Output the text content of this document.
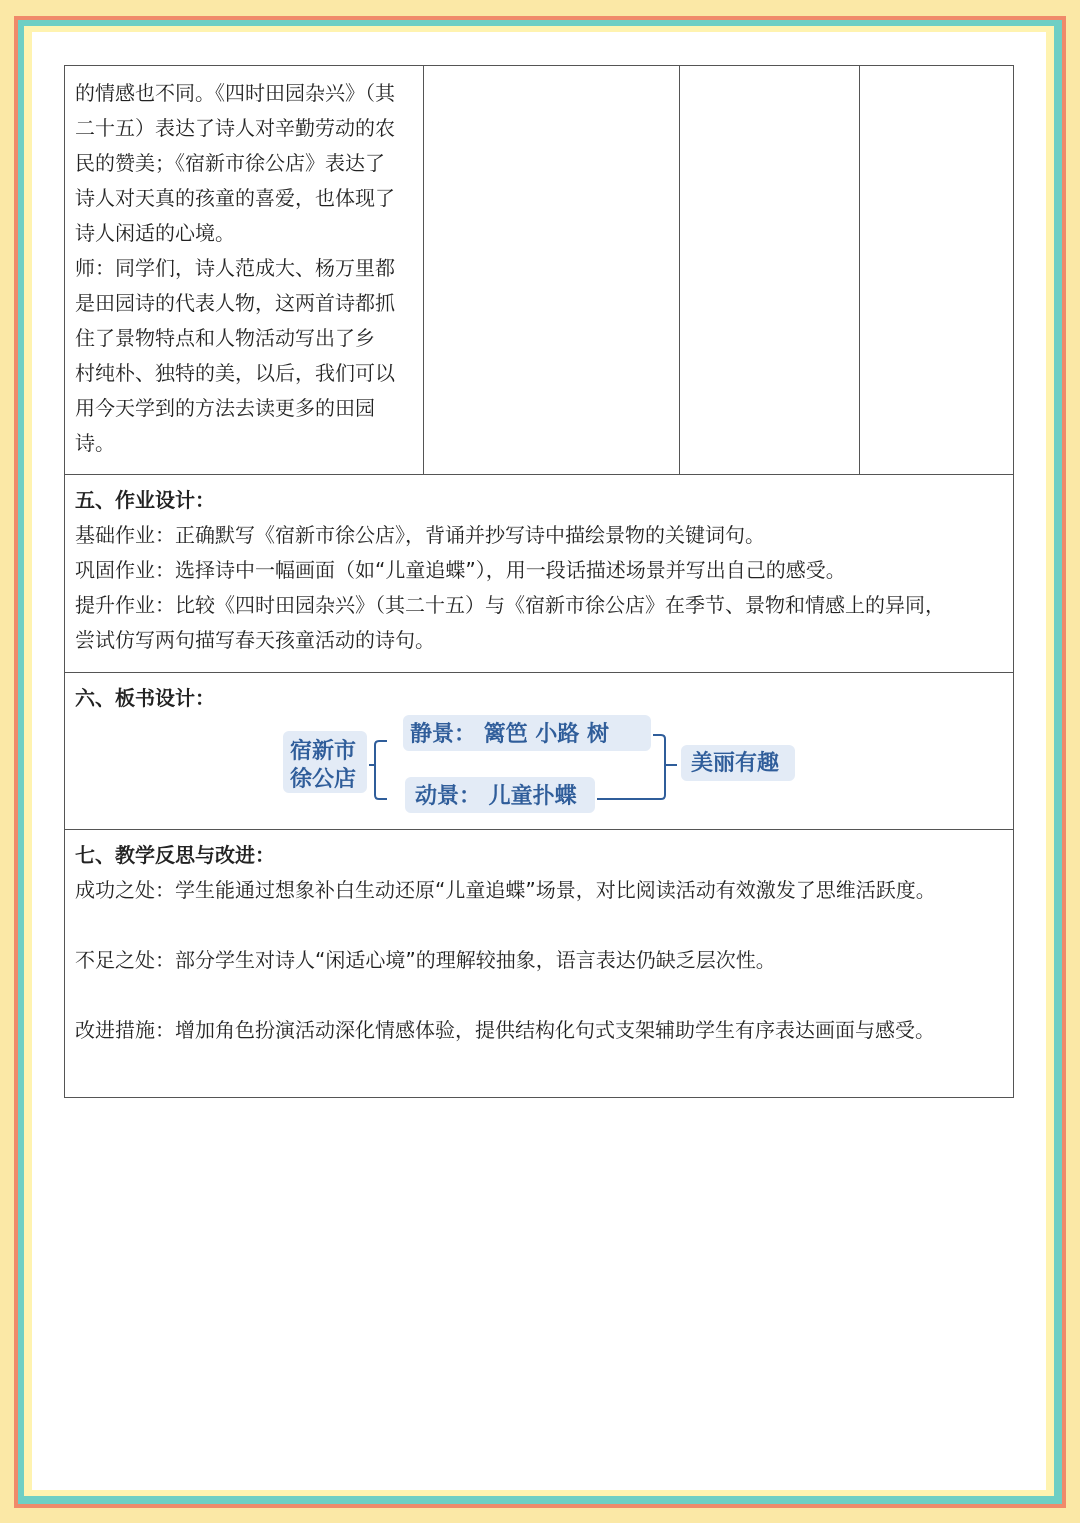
的情感也不同。《四时田园杂兴》（其

二十五）表达了诗人对辛勤劳动的农

民的赞美；《宿新市徐公店》表达了

诗人对天真的孩童的喜爱，也体现了

诗人闲适的心境。

师：同学们，诗人范成大、杨万里都

是田园诗的代表人物，这两首诗都抓

住了景物特点和人物活动写出了乡

村纯朴、独特的美，以后，我们可以

用今天学到的方法去读更多的田园

诗。

五、作业设计：

基础作业：正确默写《宿新市徐公店》，背诵并抄写诗中描绘景物的关键词句。

巩固作业：选择诗中一幅画面（如“儿童追蝶”），用一段话描述场景并写出自己的感受。

提升作业：比较《四时田园杂兴》（其二十五）与《宿新市徐公店》在季节、景物和情感上的异同，

尝试仿写两句描写春天孩童活动的诗句。

六、板书设计：

宿新市
徐公店
静景： 篱笆 小路 树
动景： 儿童扑蝶
美丽有趣

七、教学反思与改进：

成功之处：学生能通过想象补白生动还原“儿童追蝶”场景，对比阅读活动有效激发了思维活跃度。

不足之处：部分学生对诗人“闲适心境”的理解较抽象，语言表达仍缺乏层次性。

改进措施：增加角色扮演活动深化情感体验，提供结构化句式支架辅助学生有序表达画面与感受。
